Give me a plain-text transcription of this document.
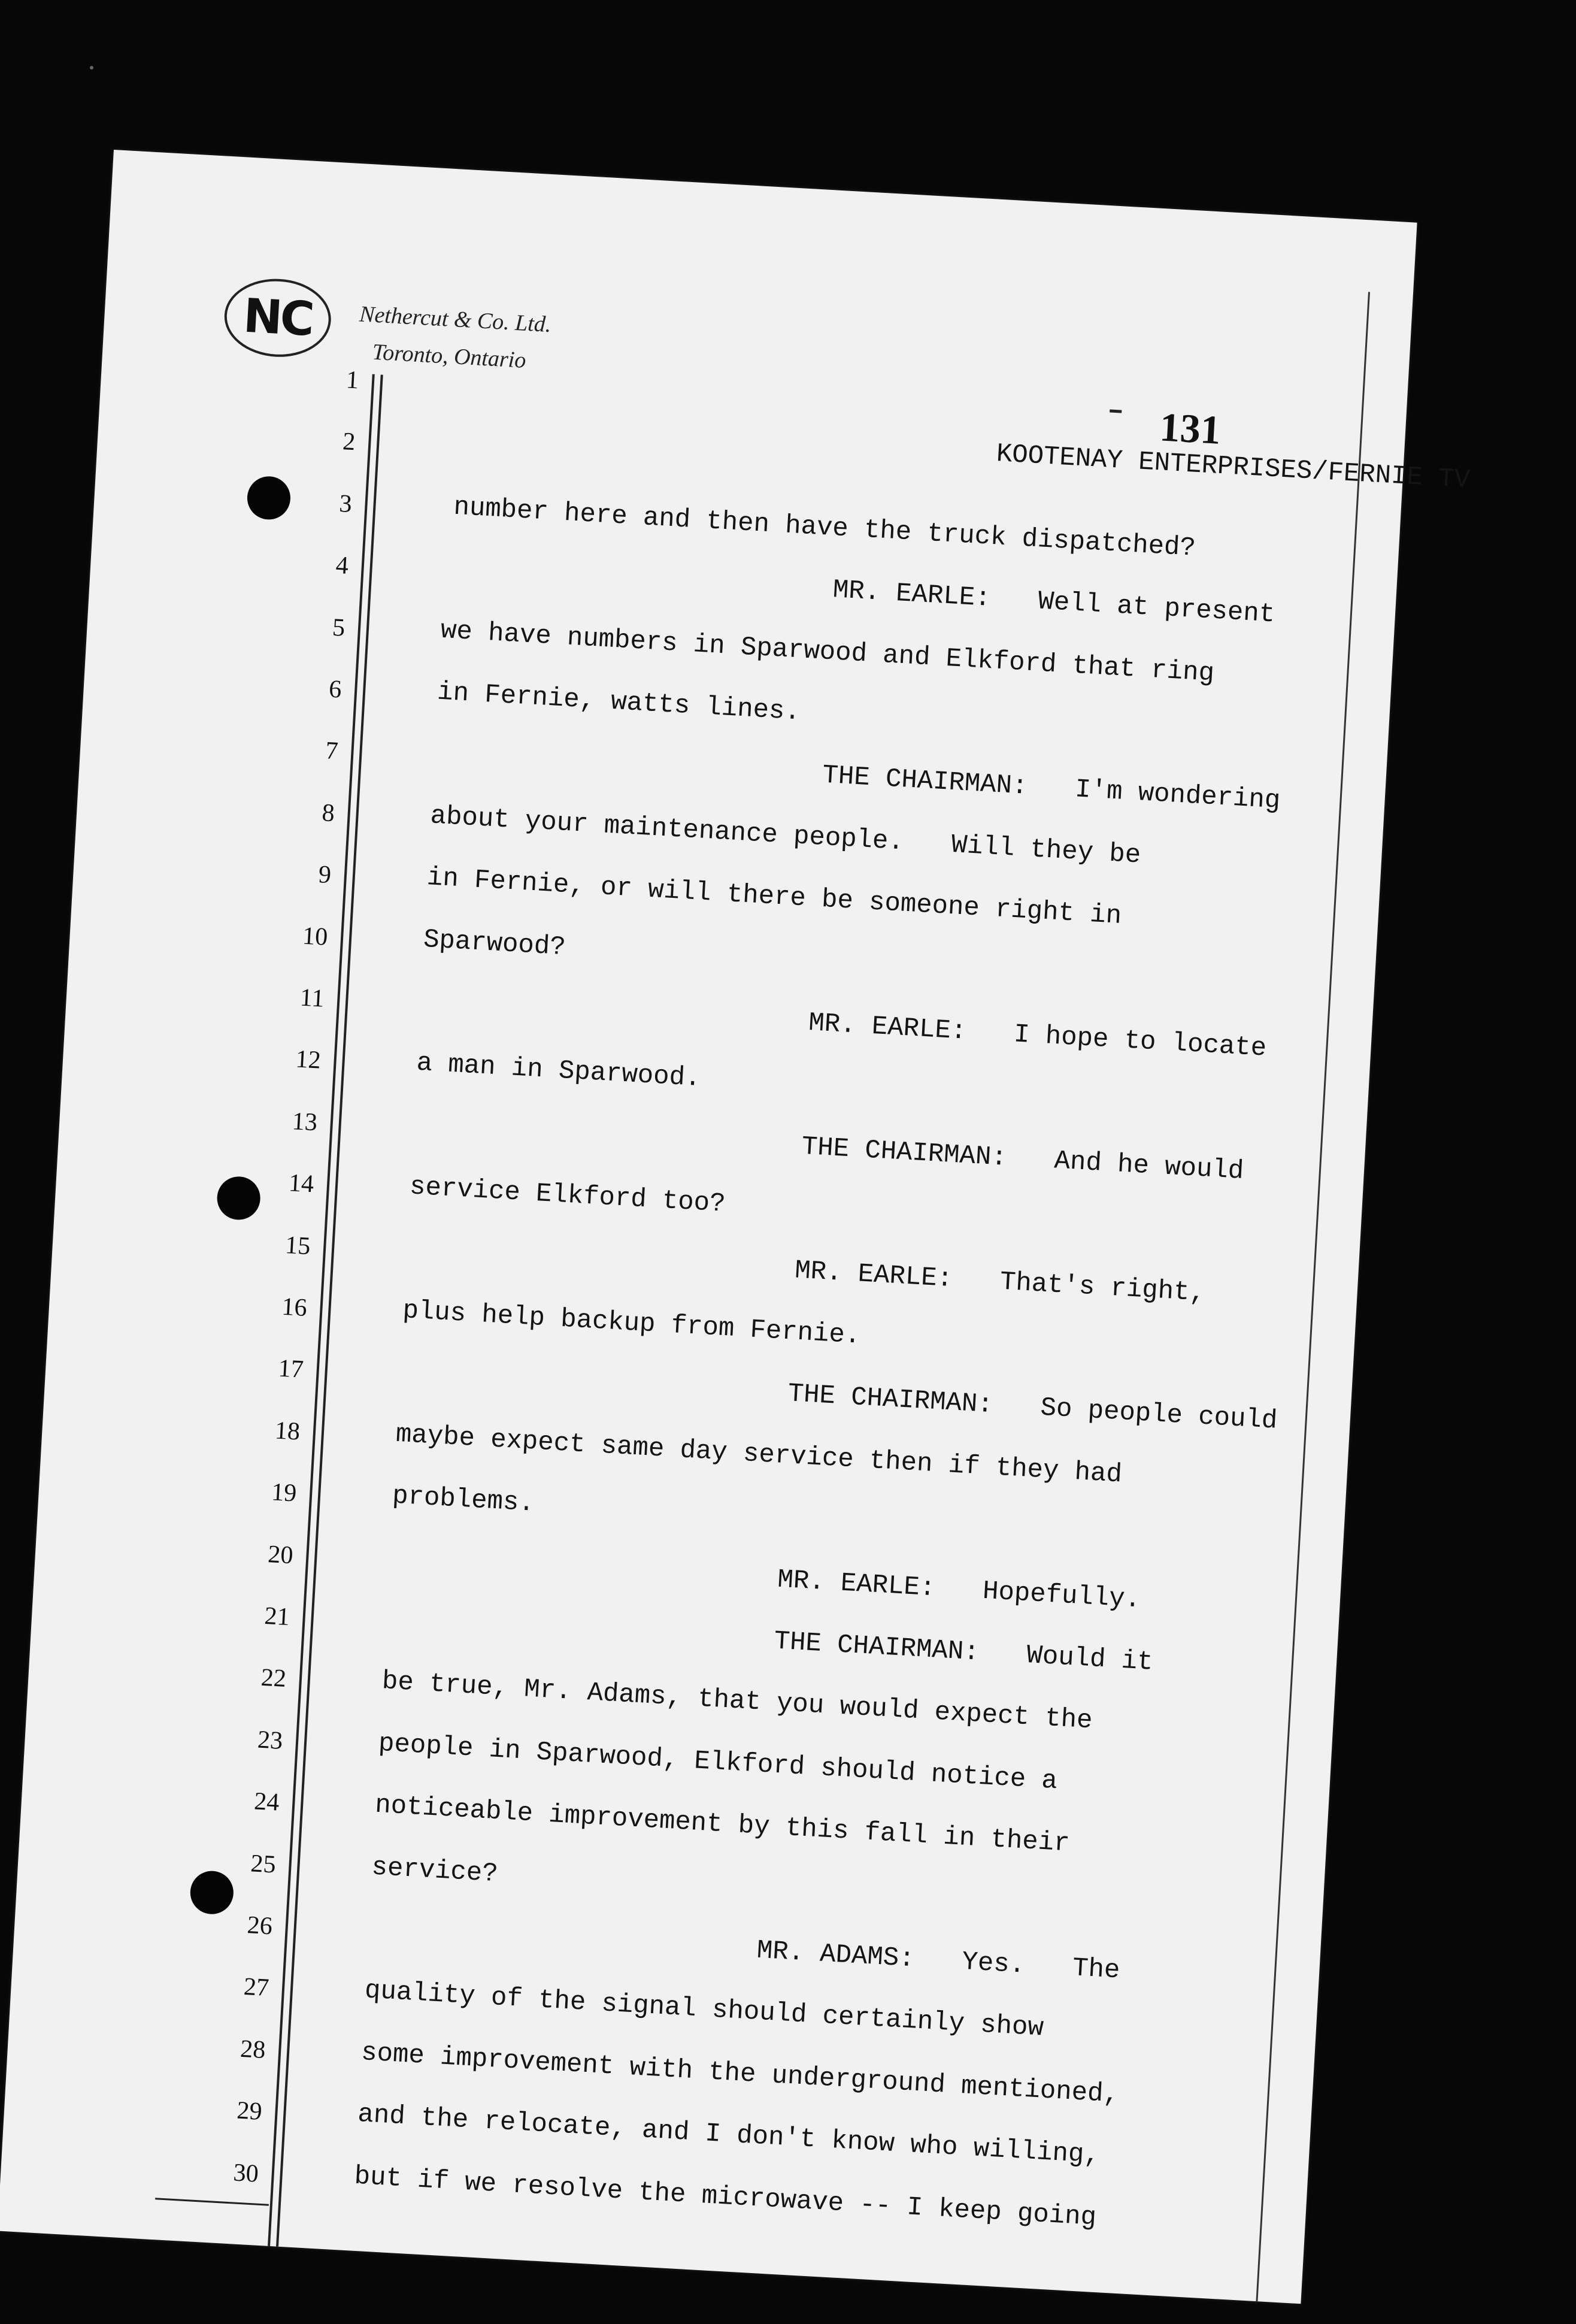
NC	Nethercut & Co. Ltd.
Toronto, Ontario
131
1
2
3
4
5
6
7
8
9
10
11
12
13
14
15
16
17
18
19
20
21
22
23
24
25
26
27
28
29
30
KOOTENAY ENTERPRISES/FERNIE TV
number here and then have the truck dispatched?
MR. EARLE:   Well at present
we have numbers in Sparwood and Elkford that ring
in Fernie, watts lines.
THE CHAIRMAN:   I'm wondering
about your maintenance people.   Will they be
in Fernie, or will there be someone right in
Sparwood?
MR. EARLE:   I hope to locate
a man in Sparwood.
THE CHAIRMAN:   And he would
service Elkford too?
MR. EARLE:   That's right,
plus help backup from Fernie.
THE CHAIRMAN:   So people could
maybe expect same day service then if they had
problems.
MR. EARLE:   Hopefully.
THE CHAIRMAN:   Would it
be true, Mr. Adams, that you would expect the
people in Sparwood, Elkford should notice a
noticeable improvement by this fall in their
service?
MR. ADAMS:   Yes.   The
quality of the signal should certainly show
some improvement with the underground mentioned,
and the relocate, and I don't know who willing,
but if we resolve the microwave -- I keep going
